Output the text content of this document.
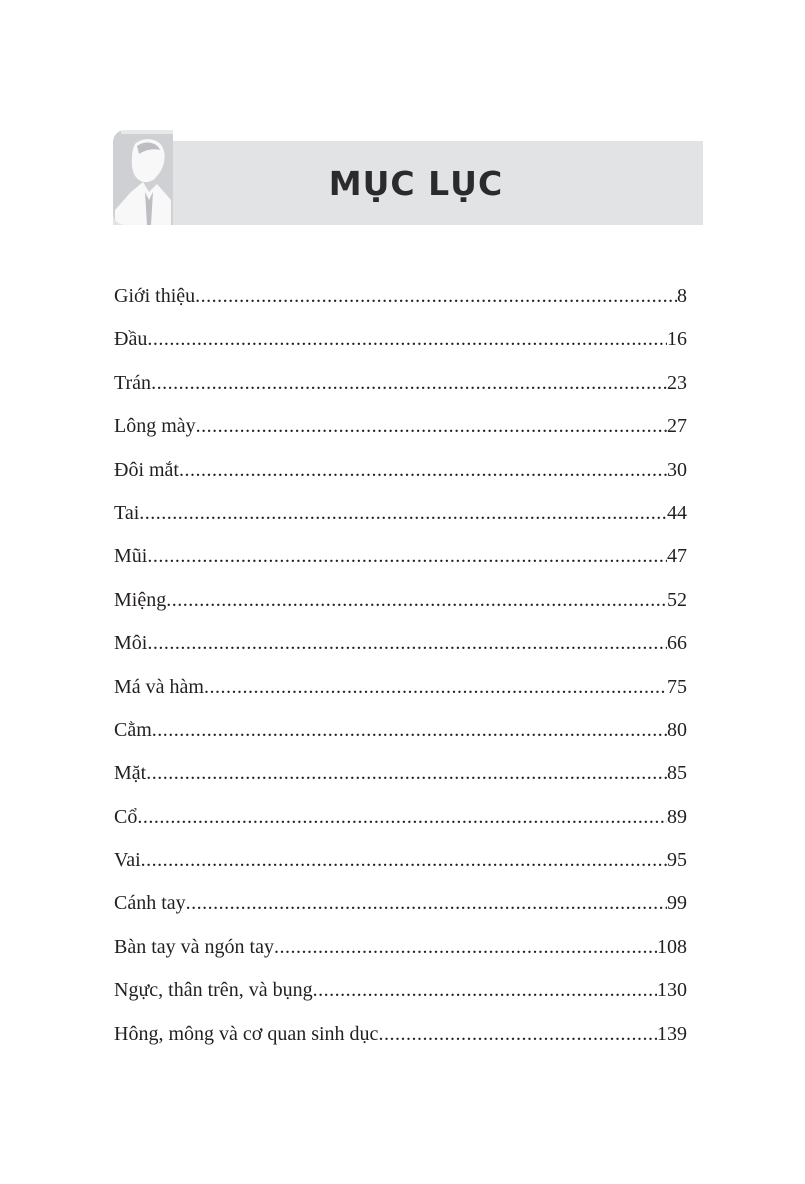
MỤC LỤC
Giới thiệu .....	8
Đầu .....	16
Trán .....	23
Lông mày .....	27
Đôi mắt .....	30
Tai .....	44
Mũi .....	47
Miệng .....	52
Môi .....	66
Má và hàm .....	75
Cằm .....	80
Mặt .....	85
Cổ .....	89
Vai .....	95
Cánh tay .....	99
Bàn tay và ngón tay .....	108
Ngực, thân trên, và bụng .....	130
Hông, mông và cơ quan sinh dục .....	139
